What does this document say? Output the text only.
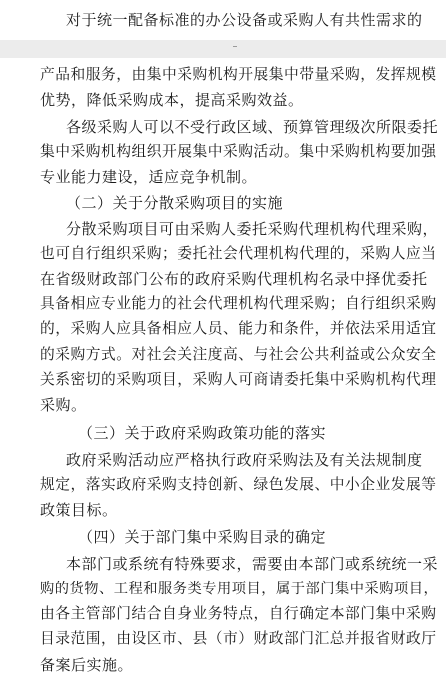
对于统一配备标准的办公设备或采购人有共性需求的
产品和服务，由集中采购机构开展集中带量采购，发挥规模
优势，降低采购成本，提高采购效益。
各级采购人可以不受行政区域、预算管理级次所限委托
集中采购机构组织开展集中采购活动。集中采购机构要加强
专业能力建设，适应竞争机制。
（二）关于分散采购项目的实施
分散采购项目可由采购人委托采购代理机构代理采购，
也可自行组织采购；委托社会代理机构代理的，采购人应当
在省级财政部门公布的政府采购代理机构名录中择优委托
具备相应专业能力的社会代理机构代理采购；自行组织采购
的，采购人应具备相应人员、能力和条件，并依法采用适宜
的采购方式。对社会关注度高、与社会公共利益或公众安全
关系密切的采购项目，采购人可商请委托集中采购机构代理
采购。
（三）关于政府采购政策功能的落实
政府采购活动应严格执行政府采购法及有关法规制度
规定，落实政府采购支持创新、绿色发展、中小企业发展等
政策目标。
（四）关于部门集中采购目录的确定
本部门或系统有特殊要求，需要由本部门或系统统一采
购的货物、工程和服务类专用项目，属于部门集中采购项目，
由各主管部门结合自身业务特点，自行确定本部门集中采购
目录范围，由设区市、县（市）财政部门汇总并报省财政厅
备案后实施。
